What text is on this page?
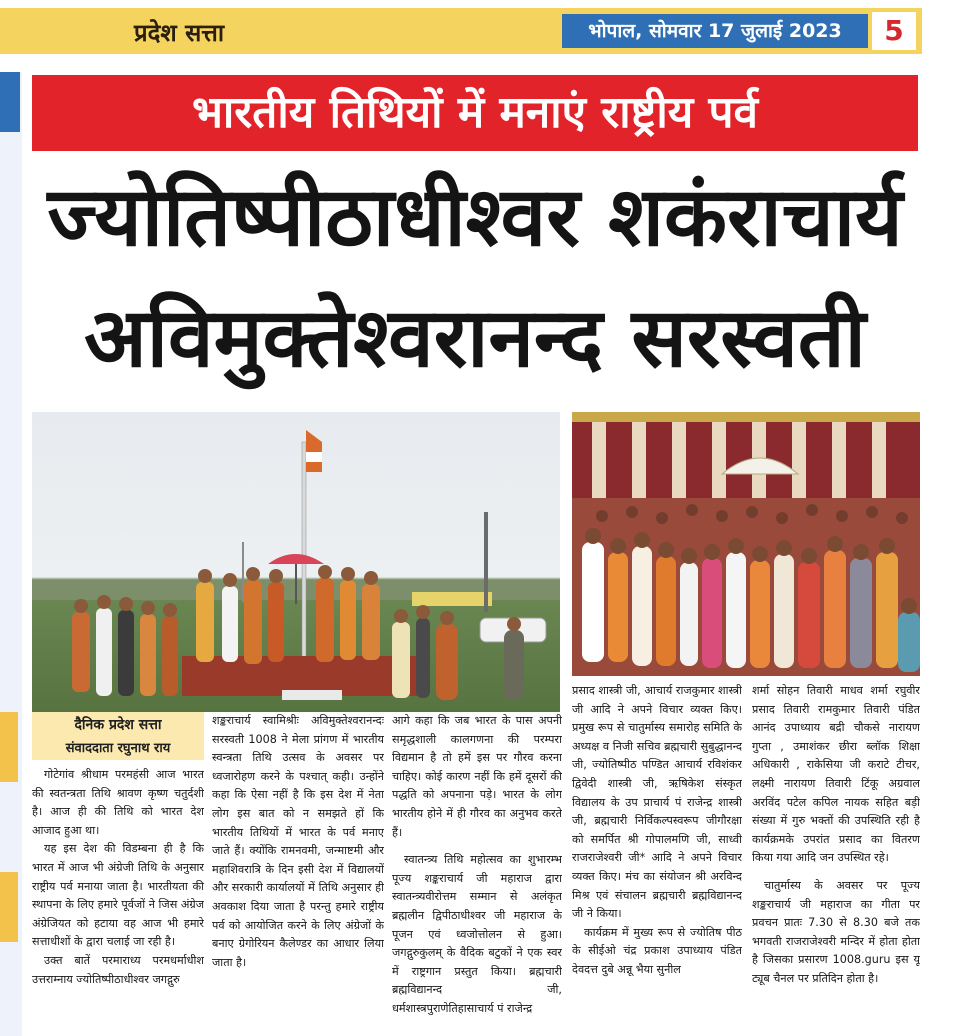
प्रदेश सत्ता	भोपाल, सोमवार 17 जुलाई 2023	5
भारतीय तिथियों में मनाएं राष्ट्रीय पर्व
ज्योतिष्पीठाधीश्वर शकंराचार्य
अविमुक्तेश्वरानन्द सरस्वती
दैनिक प्रदेश सत्ता
संवाददाता रघुनाथ राय

गोटेगांव श्रीधाम परमहंसी आज भारत की स्वतन्त्रता तिथि श्रावण कृष्ण चतुर्दशी है। आज ही की तिथि को भारत देश आजाद हुआ था।

यह इस देश की विडम्बना ही है कि भारत में आज भी अंग्रेजी तिथि के अनुसार राष्ट्रीय पर्व मनाया जाता है। भारतीयता की स्थापना के लिए हमारे पूर्वजों ने जिस अंग्रेज अंग्रेजियत को हटाया वह आज भी हमारे सत्ताधीशों के द्वारा चलाई जा रही है।

उक्त बातें परमाराध्य परमधर्माधीश उत्तराम्नाय ज्योतिष्पीठाधीश्वर जगद्गुरु

शङ्कराचार्य स्वामिश्रीः अविमुक्तेश्वरानन्दः सरस्वती 1008 ने मेला प्रांगण में भारतीय स्वन्त्रता तिथि उत्सव के अवसर पर ध्वजारोहण करने के पश्चात् कही। उन्होंने कहा कि ऐसा नहीं है कि इस देश में नेता लोग इस बात को न समझते हों कि भारतीय तिथियों में भारत के पर्व मनाए जाते हैं। क्योंकि रामनवमी, जन्माष्टमी और महाशिवरात्रि के दिन इसी देश में विद्यालयों और सरकारी कार्यालयों में तिथि अनुसार ही अवकाश दिया जाता है परन्तु हमारे राष्ट्रीय पर्व को आयोजित करने के लिए अंग्रेजों के बनाए ग्रेगोरियन कैलेण्डर का आधार लिया जाता है।

आगे कहा कि जब भारत के पास अपनी समृद्धशाली कालगणना की परम्परा विद्यमान है तो हमें इस पर गौरव करना चाहिए। कोई कारण नहीं कि हमें दूसरों की पद्धति को अपनाना पड़े। भारत के लोग भारतीय होने में ही गौरव का अनुभव करते हैं।

स्वातन्त्र्य तिथि महोत्सव का शुभारम्भ पूज्य शङ्कराचार्य जी महाराज द्वारा स्वातन्त्र्यवीरोत्तम सम्मान से अलंकृत ब्रह्मलीन द्विपीठाधीश्वर जी महाराज के पूजन एवं ध्वजोत्तोलन से हुआ। जगद्गुरुकुलम् के वैदिक बटुकों ने एक स्वर में राष्ट्रगान प्रस्तुत किया। ब्रह्मचारी ब्रह्मविद्यानन्द जी, धर्मशास्त्रपुराणेतिहासाचार्य पं राजेन्द्र

प्रसाद शास्त्री जी, आचार्य राजकुमार शास्त्री जी आदि ने अपने विचार व्यक्त किए। प्रमुख रूप से चातुर्मास्य समारोह समिति के अध्यक्ष व निजी सचिव ब्रह्मचारी सुबुद्धानन्द जी, ज्योतिष्पीठ पण्डित आचार्य रविशंकर द्विवेदी शास्त्री जी, ऋषिकेश संस्कृत विद्यालय के उप प्राचार्य पं राजेन्द्र शास्त्री जी, ब्रह्मचारी निर्विकल्पस्वरूप जीगौरक्षा को समर्पित श्री गोपालमणि जी, साध्वी राजराजेश्वरी जी* आदि ने अपने विचार व्यक्त किए। मंच का संयोजन श्री अरविन्द मिश्र एवं संचालन ब्रह्मचारी ब्रह्मविद्यानन्द जी ने किया।

कार्यक्रम में मुख्य रूप से ज्योतिष पीठ के सीईओ चंद्र प्रकाश उपाध्याय पंडित देवदत्त दुबे अन्नू भैया सुनील

शर्मा सोहन तिवारी माधव शर्मा रघुवीर प्रसाद तिवारी रामकुमार तिवारी पंडित आनंद उपाध्याय बद्री चौकसे नारायण गुप्ता , उमाशंकर छीरा ब्लॉक शिक्षा अधिकारी , राकेसिया जी कराटे टीचर, लक्ष्मी नारायण तिवारी टिंकू अग्रवाल अरविंद पटेल कपिल नायक सहित बड़ी संख्या में गुरु भक्तों की उपस्थिति रही है कार्यक्रमके उपरांत प्रसाद का वितरण किया गया आदि जन उपस्थित रहे।

चातुर्मास्य के अवसर पर पूज्य शङ्कराचार्य जी महाराज का गीता पर प्रवचन प्रातः 7.30 से 8.30 बजे तक भगवती राजराजेश्वरी मन्दिर में होता होता है जिसका प्रसारण 1008.guru इस यू ट्यूब चैनल पर प्रतिदिन होता है।
